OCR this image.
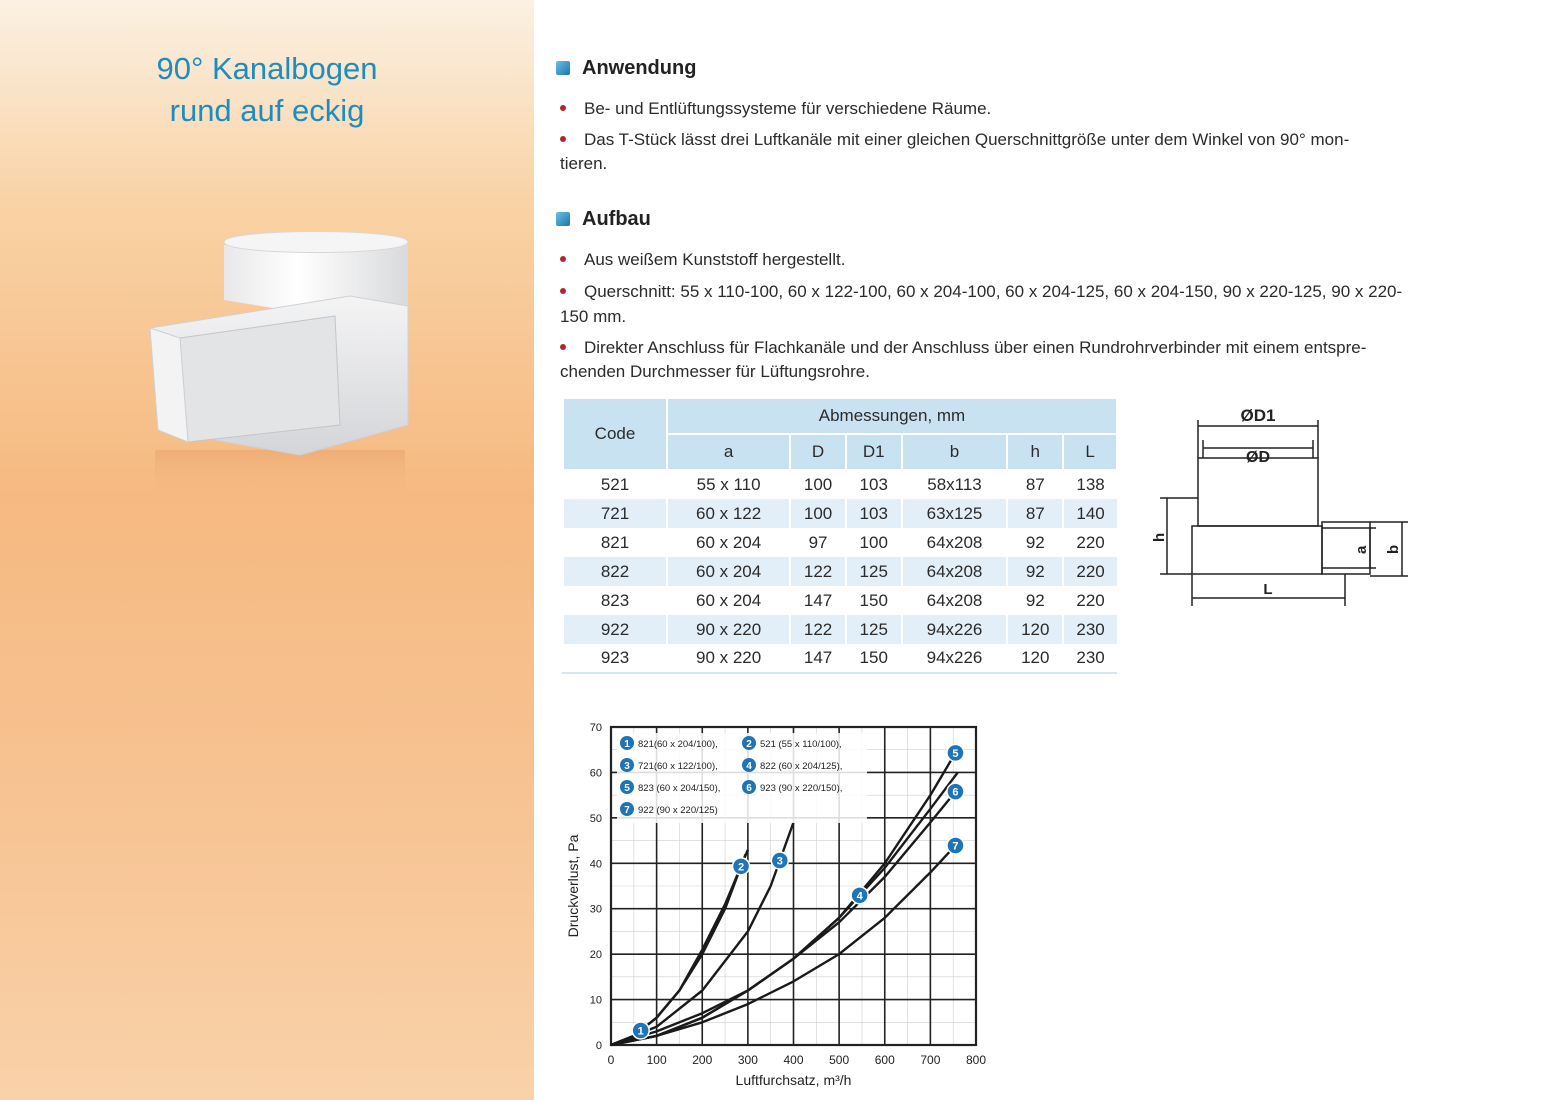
90° Kanalbogen
rund auf eckig
Anwendung
Be- und Entlüftungssysteme für verschiedene Räume.
Das T-Stück lässt drei Luftkanäle mit einer gleichen Querschnittgröße unter dem Winkel von 90° mon-
tieren.
Aufbau
Aus weißem Kunststoff hergestellt.
Querschnitt: 55 x 110-100, 60 x 122-100, 60 x 204-100, 60 x 204-125, 60 x 204-150, 90 x 220-125, 90 x 220-
150 mm.
Direkter Anschluss für Flachkanäle und der Anschluss über einen Rundrohrverbinder mit einem entspre-
chenden Durchmesser für Lüftungsrohre.
Code	Abmessungen, mm					
	a	D	D1	b	h	L
521	55 x 110	100	103	58x113	87	138
721	60 x 122	100	103	63x125	87	140
821	60 x 204	97	100	64x208	92	220
822	60 x 204	122	125	64x208	92	220
823	60 x 204	147	150	64x208	92	220
922	90 x 220	122	125	94x226	120	230
923	90 x 220	147	150	94x226	120	230
ØD1
ØD
h
a b
L
0	100 200 300 400 500 600 700 800
0
10
20
30
40
50
60
70
Luftfurchsatz, m³/h
Druckverlust, Pa
1
2	3
4
5
6
7
1 821(60 x 204/100),	2 521 (55 x 110/100),
3 721(60 x 122/100),	4 822 (60 x 204/125),
5 823 (60 x 204/150),	6 923 (90 x 220/150),
7 922 (90 x 220/125)
